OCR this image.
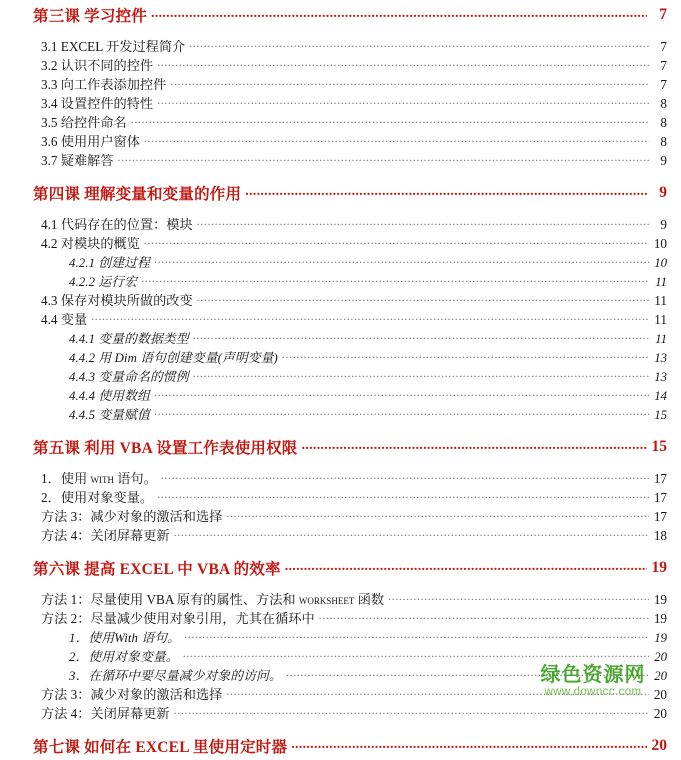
第三课 学习控件 .....	7
3.1 EXCEL 开发过程简介 .....	7
3.2 认识不同的控件 .....	7
3.3 向工作表添加控件 .....	7
3.4 设置控件的特性 .....	8
3.5 给控件命名 .....	8
3.6 使用用户窗体 .....	8
3.7 疑难解答 .....	9
第四课 理解变量和变量的作用 .....	9
4.1 代码存在的位置：模块 .....	9
4.2 对模块的概览 .....	10
4.2.1 创建过程 .....	10
4.2.2 运行宏 .....	11
4.3 保存对模块所做的改变 .....	11
4.4 变量 .....	11
4.4.1 变量的数据类型 .....	11
4.4.2 用 Dim 语句创建变量(声明变量) .....	13
4.4.3 变量命名的惯例 .....	13
4.4.4 使用数组 .....	14
4.4.5 变量赋值 .....	15
第五课 利用 VBA 设置工作表使用权限 .....	15
1．使用 with 语句。 .....	17
2．使用对象变量。 .....	17
方法 3：减少对象的激活和选择 .....	17
方法 4：关闭屏幕更新 .....	18
第六课 提高 EXCEL 中 VBA 的效率 .....	19
方法 1：尽量使用 VBA 原有的属性、方法和 worksheet 函数 .....	19
方法 2：尽量减少使用对象引用，尤其在循环中 .....	19
1．使用With 语句。 .....	19
2．使用对象变量。 .....	20
3．在循环中要尽量减少对象的访问。 .....	20
方法 3：减少对象的激活和选择 .....	20
方法 4：关闭屏幕更新 .....	20
第七课 如何在 EXCEL 里使用定时器 .....	20
绿色资源网
www.downcc.com
